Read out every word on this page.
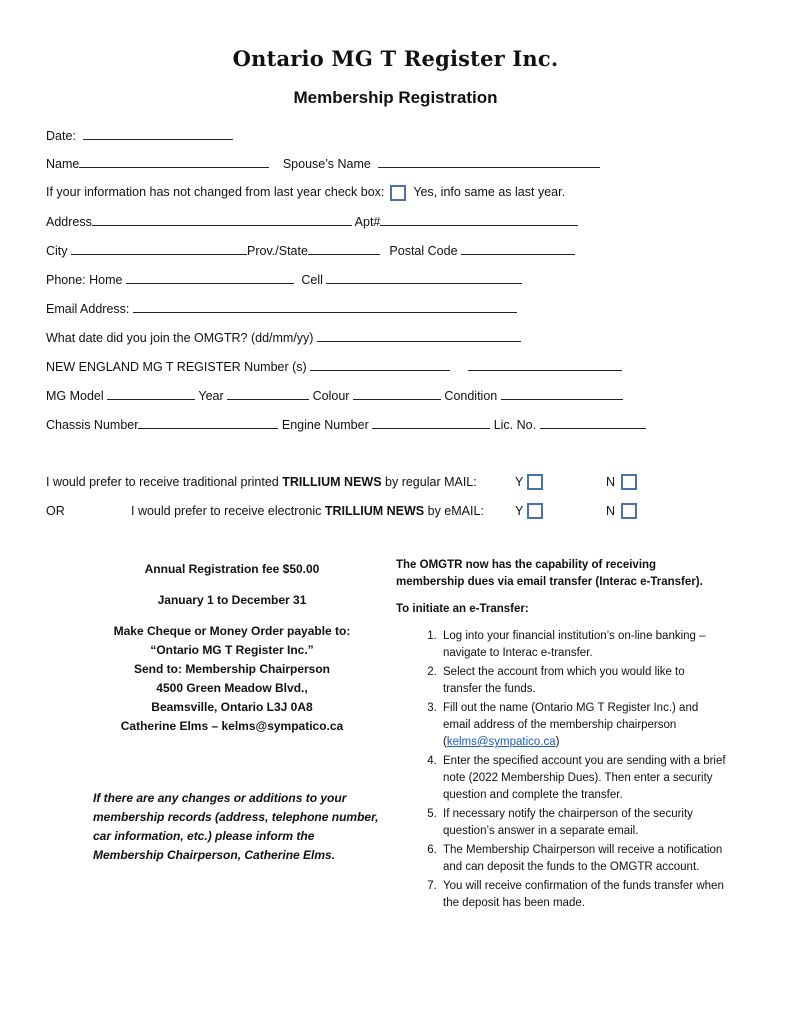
Ontario MG T Register Inc.
Membership Registration
Date:
Name	Spouse’s Name
If your information has not changed from last year check box: Yes, info same as last year.
Address	Apt#
City	Prov./State	Postal Code
Phone: Home	Cell
Email Address:
What date did you join the OMGTR? (dd/mm/yy)
NEW ENGLAND MG T REGISTER Number (s)
MG Model	Year	Colour	Condition
Chassis Number	Engine Number	Lic. No.
I would prefer to receive traditional printed TRILLIUM NEWS by regular MAIL:	Y	N
OR	I would prefer to receive electronic TRILLIUM NEWS by eMAIL: Y	N
Annual Registration fee $50.00
January 1 to December 31
Make Cheque or Money Order payable to:
“Ontario MG T Register Inc.”
Send to: Membership Chairperson
4500 Green Meadow Blvd.,
Beamsville, Ontario L3J 0A8
Catherine Elms – kelms@sympatico.ca
If there are any changes or additions to your membership records (address, telephone number, car information, etc.) please inform the Membership Chairperson, Catherine Elms.
The OMGTR now has the capability of receiving membership dues via email transfer (Interac e-Transfer).
To initiate an e-Transfer:
1. Log into your financial institution’s on-line banking – navigate to Interac e-transfer.
2. Select the account from which you would like to transfer the funds.
3. Fill out the name (Ontario MG T Register Inc.) and email address of the membership chairperson
(kelms@sympatico.ca)
4. Enter the specified account you are sending with a brief note (2022 Membership Dues). Then enter a security question and complete the transfer.
5. If necessary notify the chairperson of the security question’s answer in a separate email.
6. The Membership Chairperson will receive a notification and can deposit the funds to the OMGTR account.
7. You will receive confirmation of the funds transfer when the deposit has been made.
